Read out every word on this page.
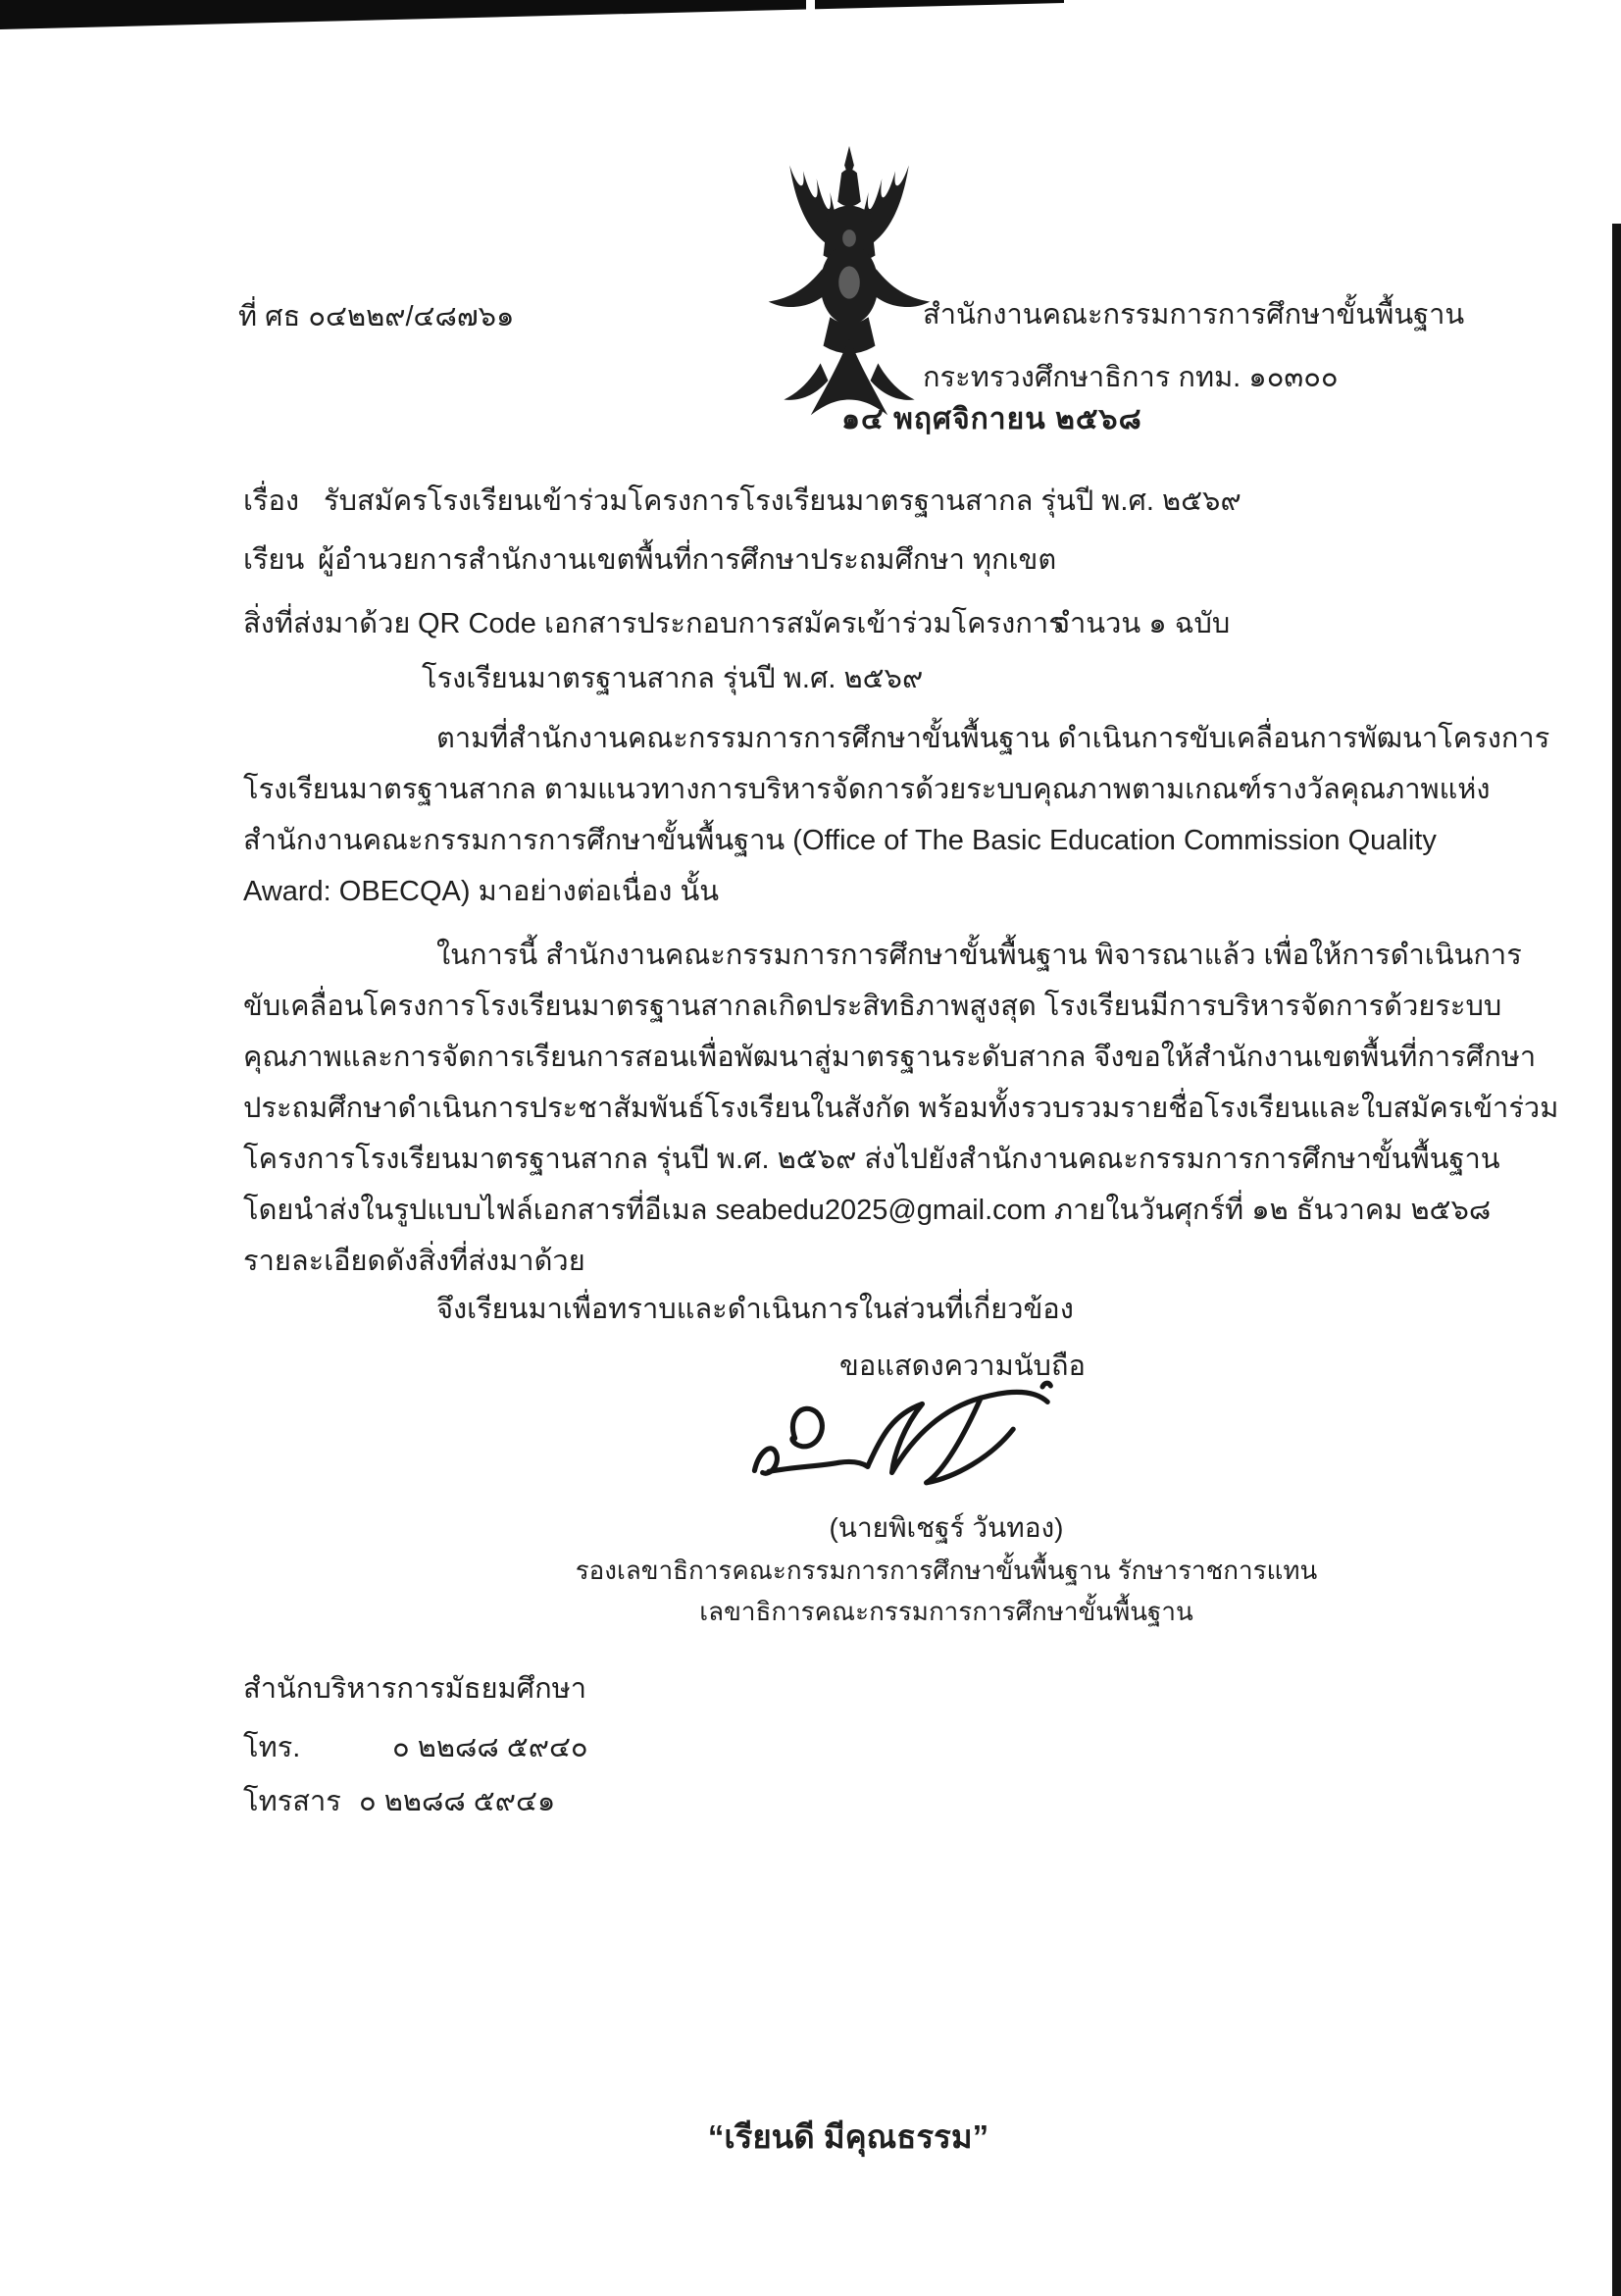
ที่ ศธ ๐๔๒๒๙/๔๘๗๖๑	สำนักงานคณะกรรมการการศึกษาขั้นพื้นฐาน
กระทรวงศึกษาธิการ กทม. ๑๐๓๐๐
๑๔ พฤศจิกายน ๒๕๖๘
เรื่อง รับสมัครโรงเรียนเข้าร่วมโครงการโรงเรียนมาตรฐานสากล รุ่นปี พ.ศ. ๒๕๖๙
เรียน ผู้อำนวยการสำนักงานเขตพื้นที่การศึกษาประถมศึกษา ทุกเขต
สิ่งที่ส่งมาด้วย QR Code เอกสารประกอบการสมัครเข้าร่วมโครงการ
จำนวน ๑ ฉบับ
โรงเรียนมาตรฐานสากล รุ่นปี พ.ศ. ๒๕๖๙
ตามที่สำนักงานคณะกรรมการการศึกษาขั้นพื้นฐาน ดำเนินการขับเคลื่อนการพัฒนาโครงการ
โรงเรียนมาตรฐานสากล ตามแนวทางการบริหารจัดการด้วยระบบคุณภาพตามเกณฑ์รางวัลคุณภาพแห่ง
สำนักงานคณะกรรมการการศึกษาขั้นพื้นฐาน (Office of The Basic Education Commission Quality
Award: OBECQA) มาอย่างต่อเนื่อง นั้น
ในการนี้ สำนักงานคณะกรรมการการศึกษาขั้นพื้นฐาน พิจารณาแล้ว เพื่อให้การดำเนินการ
ขับเคลื่อนโครงการโรงเรียนมาตรฐานสากลเกิดประสิทธิภาพสูงสุด โรงเรียนมีการบริหารจัดการด้วยระบบ
คุณภาพและการจัดการเรียนการสอนเพื่อพัฒนาสู่มาตรฐานระดับสากล จึงขอให้สำนักงานเขตพื้นที่การศึกษา
ประถมศึกษาดำเนินการประชาสัมพันธ์โรงเรียนในสังกัด พร้อมทั้งรวบรวมรายชื่อโรงเรียนและใบสมัครเข้าร่วม
โครงการโรงเรียนมาตรฐานสากล รุ่นปี พ.ศ. ๒๕๖๙ ส่งไปยังสำนักงานคณะกรรมการการศึกษาขั้นพื้นฐาน
โดยนำส่งในรูปแบบไฟล์เอกสารที่อีเมล seabedu2025@gmail.com ภายในวันศุกร์ที่ ๑๒ ธันวาคม ๒๕๖๘
รายละเอียดดังสิ่งที่ส่งมาด้วย
จึงเรียนมาเพื่อทราบและดำเนินการในส่วนที่เกี่ยวข้อง
ขอแสดงความนับถือ
(นายพิเชฐร์ วันทอง)
รองเลขาธิการคณะกรรมการการศึกษาขั้นพื้นฐาน รักษาราชการแทน
เลขาธิการคณะกรรมการการศึกษาขั้นพื้นฐาน
สำนักบริหารการมัธยมศึกษา
โทร.	๐ ๒๒๘๘ ๕๙๔๐
โทรสาร ๐ ๒๒๘๘ ๕๙๔๑
“เรียนดี มีคุณธรรม”
